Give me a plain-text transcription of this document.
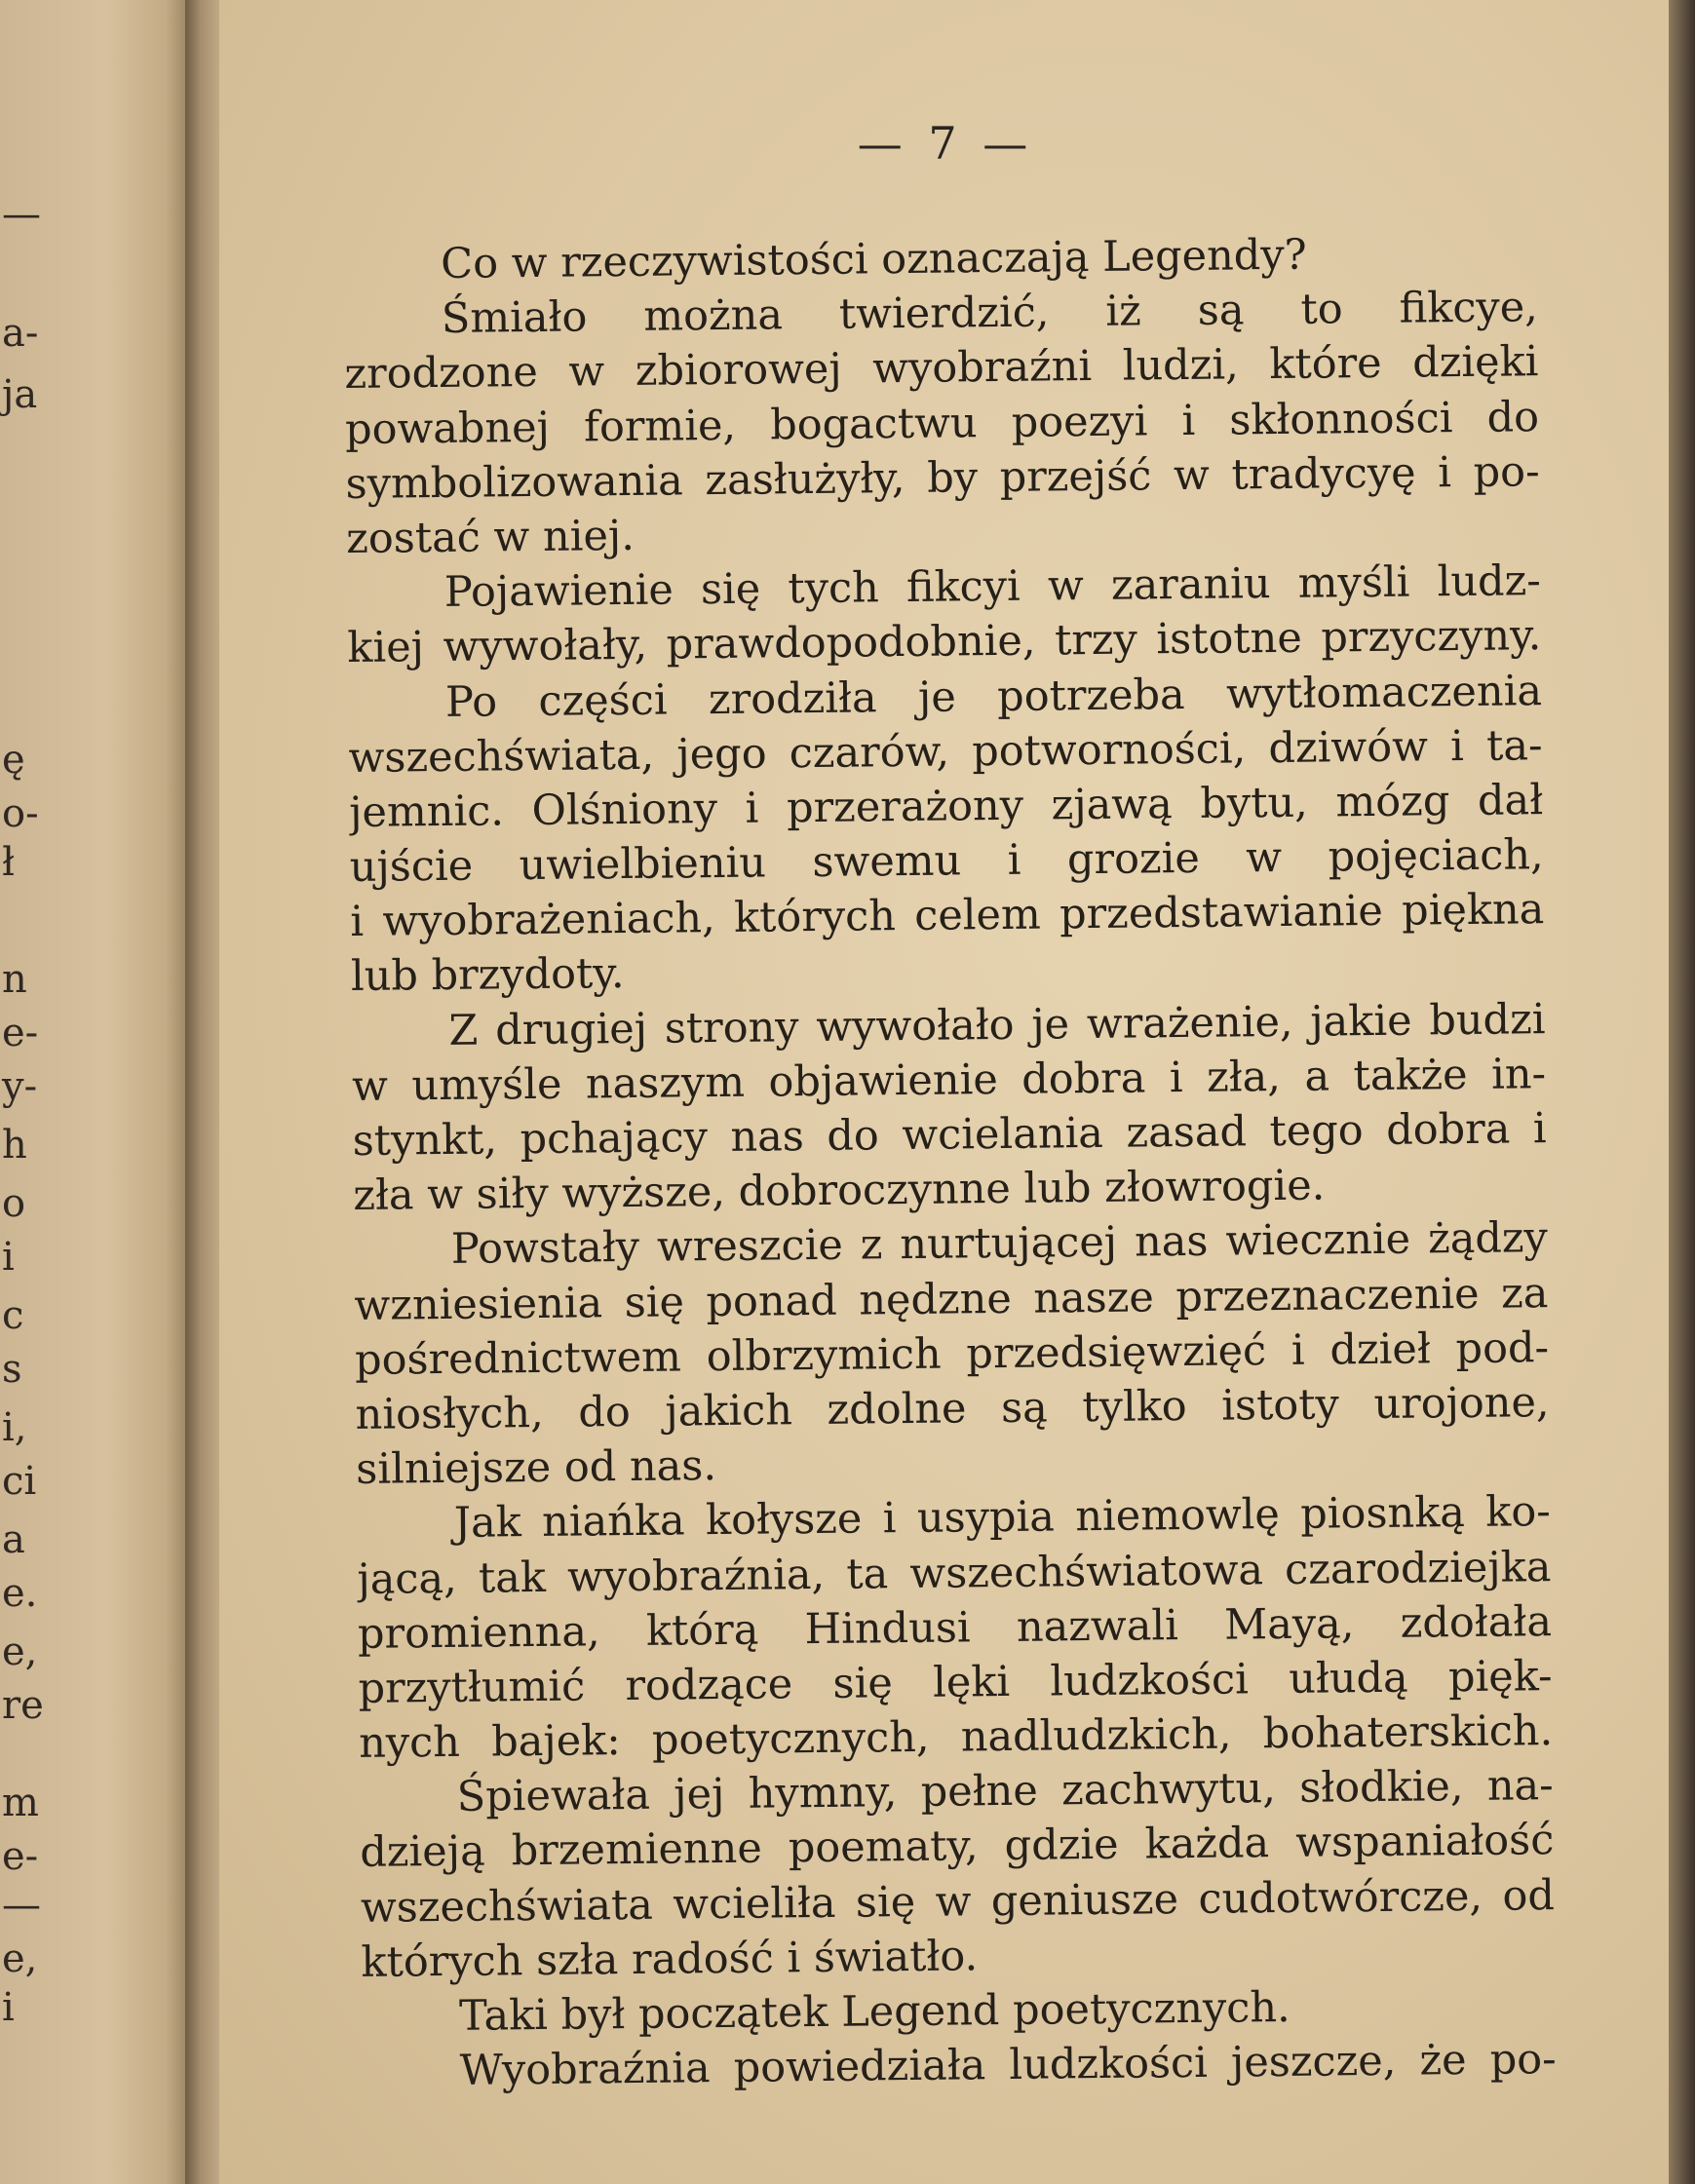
—
a-
ja
ę
o-
ł
n
e-
y-
h
o
i
c
s
i,
ci
a
e.
e,
re
m
e-
—
e,
i
— 7 —
Co w rzeczywistości oznaczają Legendy?
Śmiało można twierdzić, iż są to fikcye,
zrodzone w zbiorowej wyobraźni ludzi, które dzięki
powabnej formie, bogactwu poezyi i skłonności do
symbolizowania zasłużyły, by przejść w tradycyę i po-
zostać w niej.
Pojawienie się tych fikcyi w zaraniu myśli ludz-
kiej wywołały, prawdopodobnie, trzy istotne przyczyny.
Po części zrodziła je potrzeba wytłomaczenia
wszechświata, jego czarów, potworności, dziwów i ta-
jemnic. Olśniony i przerażony zjawą bytu, mózg dał
ujście uwielbieniu swemu i grozie w pojęciach,
i wyobrażeniach, których celem przedstawianie piękna
lub brzydoty.
Z drugiej strony wywołało je wrażenie, jakie budzi
w umyśle naszym objawienie dobra i zła, a także in-
stynkt, pchający nas do wcielania zasad tego dobra i
zła w siły wyższe, dobroczynne lub złowrogie.
Powstały wreszcie z nurtującej nas wiecznie żądzy
wzniesienia się ponad nędzne nasze przeznaczenie za
pośrednictwem olbrzymich przedsięwzięć i dzieł pod-
niosłych, do jakich zdolne są tylko istoty urojone,
silniejsze od nas.
Jak niańka kołysze i usypia niemowlę piosnką ko-
jącą, tak wyobraźnia, ta wszechświatowa czarodziejka
promienna, którą Hindusi nazwali Mayą, zdołała
przytłumić rodzące się lęki ludzkości ułudą pięk-
nych bajek: poetycznych, nadludzkich, bohaterskich.
Śpiewała jej hymny, pełne zachwytu, słodkie, na-
dzieją brzemienne poematy, gdzie każda wspaniałość
wszechświata wcieliła się w geniusze cudotwórcze, od
których szła radość i światło.
Taki był początek Legend poetycznych.
Wyobraźnia powiedziała ludzkości jeszcze, że po-
